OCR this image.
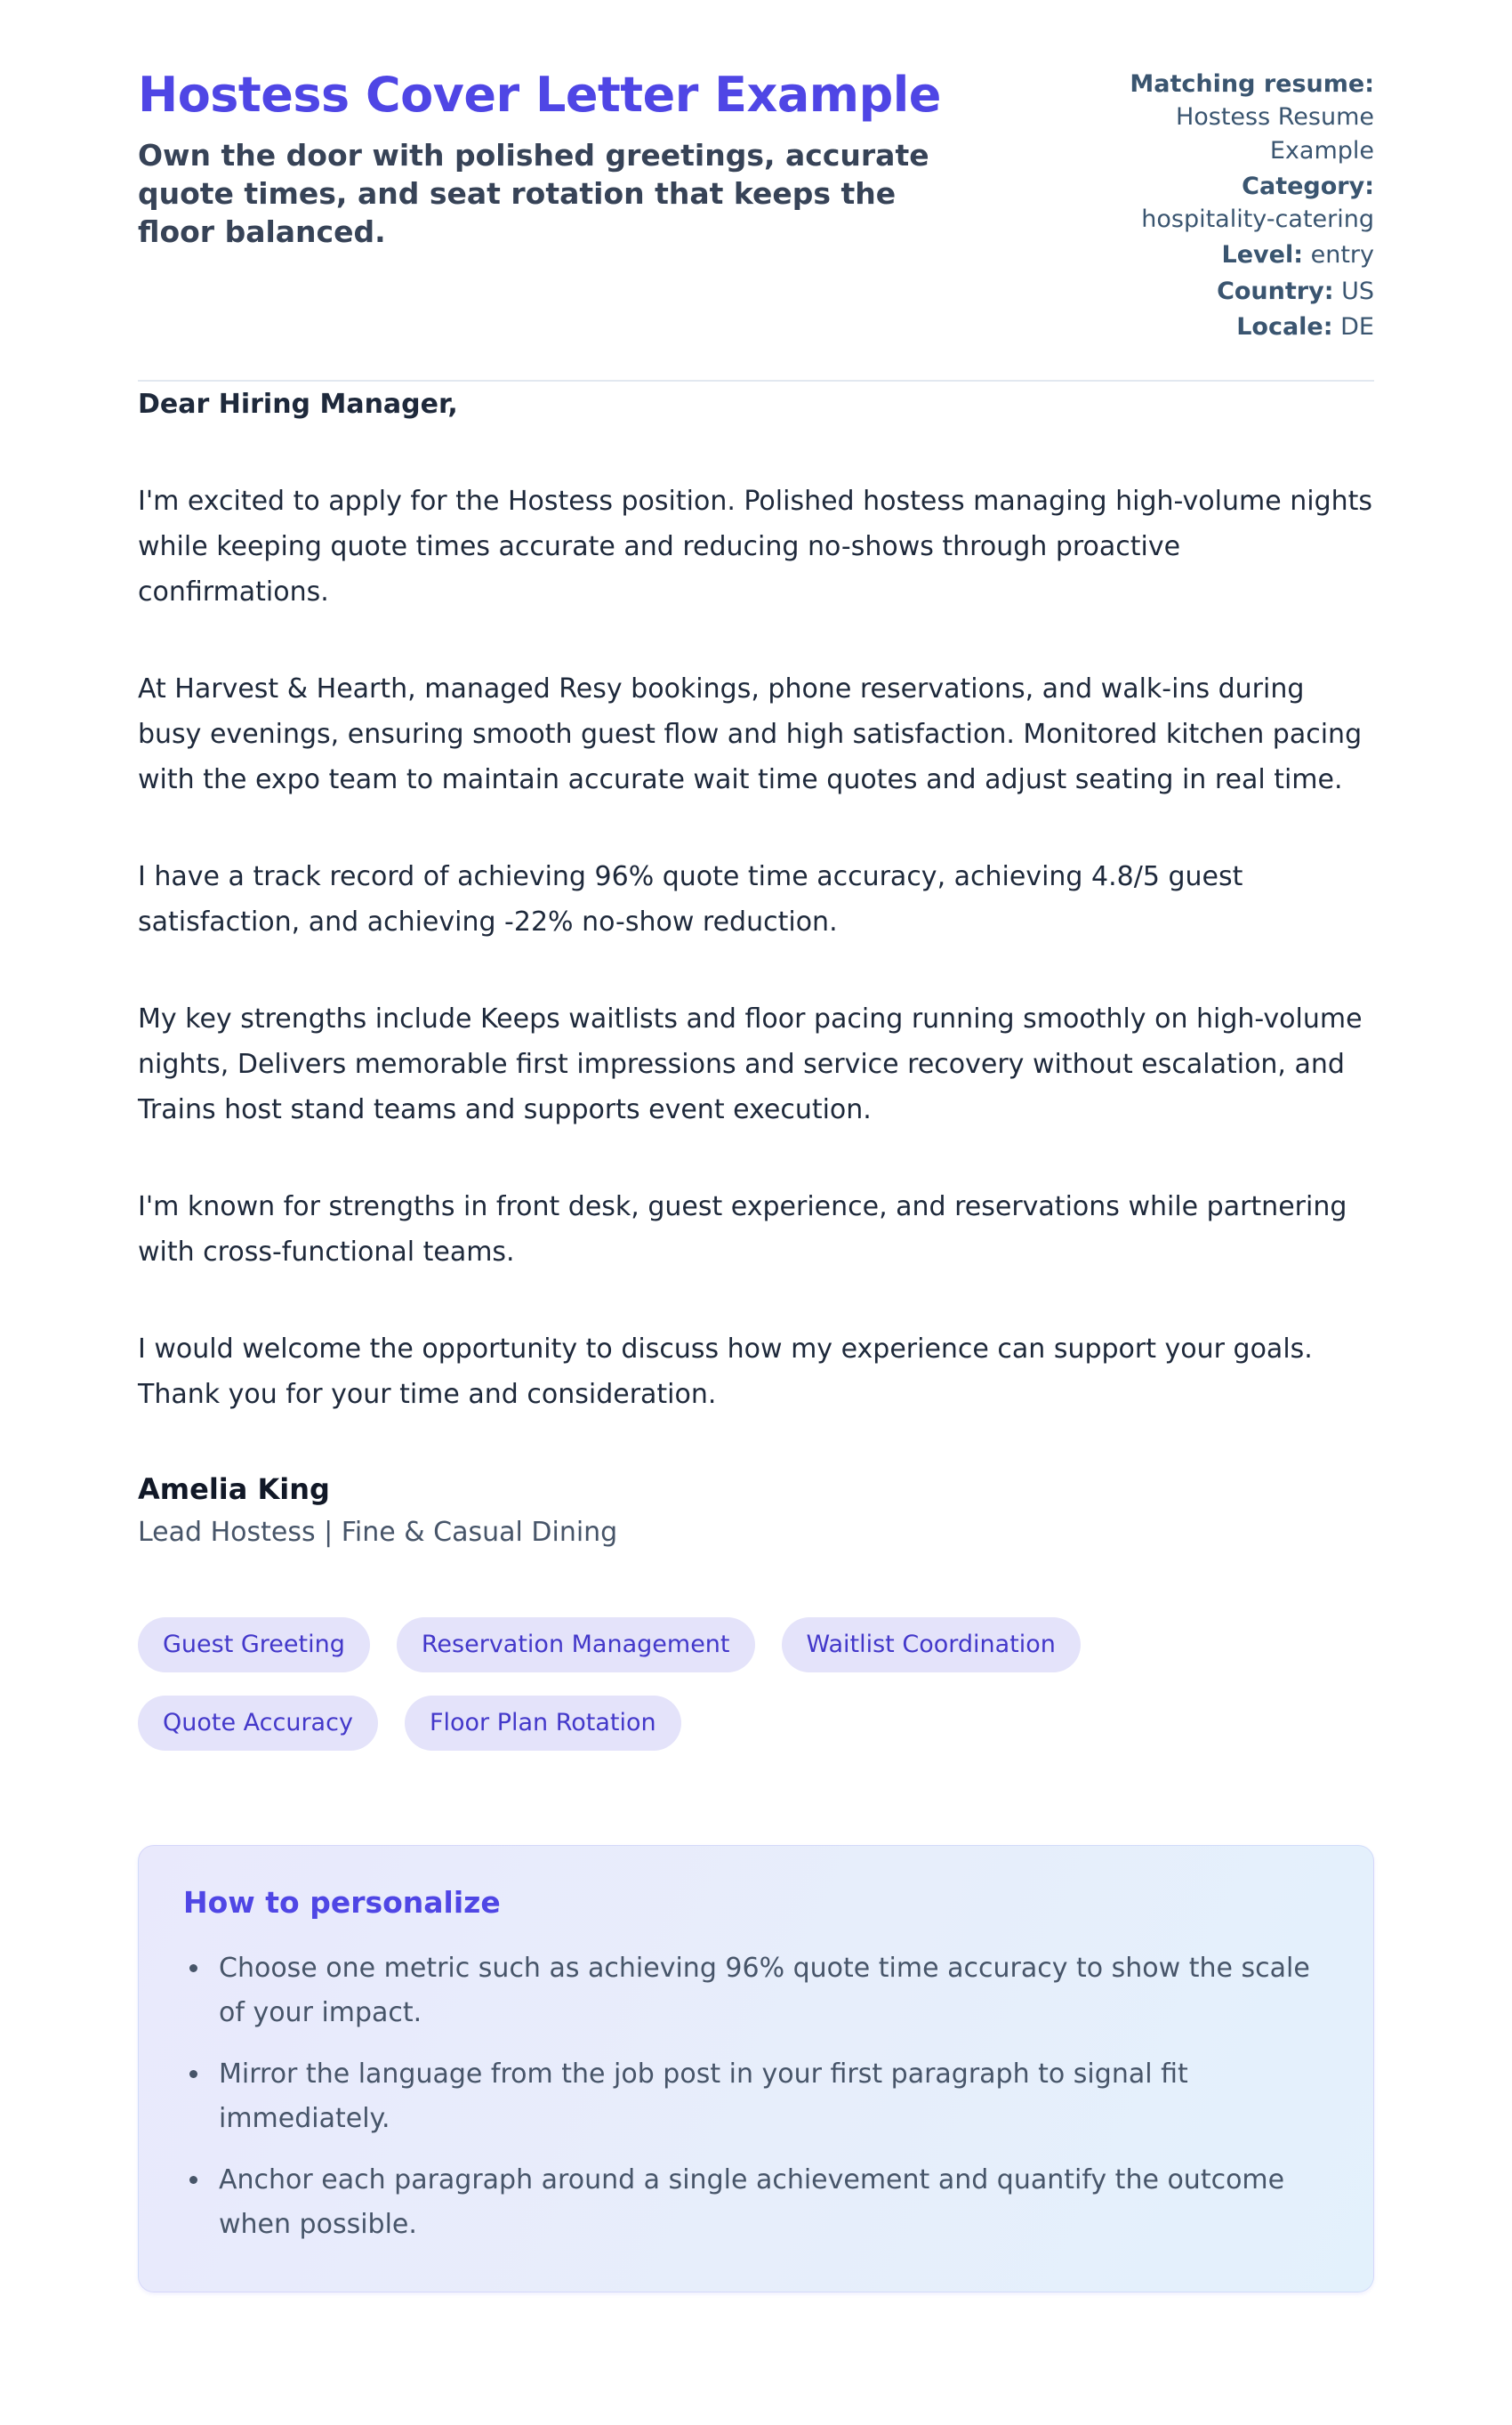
Hostess Cover Letter Example

Own the door with polished greetings, accurate quote times, and seat rotation that keeps the floor balanced.

Matching resume: Hostess Resume Example
Category: hospitality-catering
Level: entry
Country: US
Locale: DE

Dear Hiring Manager,

I'm excited to apply for the Hostess position. Polished hostess managing high-volume nights while keeping quote times accurate and reducing no-shows through proactive confirmations.

At Harvest & Hearth, managed Resy bookings, phone reservations, and walk-ins during busy evenings, ensuring smooth guest flow and high satisfaction. Monitored kitchen pacing with the expo team to maintain accurate wait time quotes and adjust seating in real time.

I have a track record of achieving 96% quote time accuracy, achieving 4.8/5 guest satisfaction, and achieving -22% no-show reduction.

My key strengths include Keeps waitlists and floor pacing running smoothly on high-volume nights, Delivers memorable first impressions and service recovery without escalation, and Trains host stand teams and supports event execution.

I'm known for strengths in front desk, guest experience, and reservations while partnering with cross-functional teams.

I would welcome the opportunity to discuss how my experience can support your goals. Thank you for your time and consideration.

Amelia King
Lead Hostess | Fine & Casual Dining
Guest Greeting	Reservation Management	Waitlist Coordination
Quote Accuracy	Floor Plan Rotation
How to personalize
• Choose one metric such as achieving 96% quote time accuracy to show the scale of your impact.
• Mirror the language from the job post in your first paragraph to signal fit immediately.
• Anchor each paragraph around a single achievement and quantify the outcome when possible.
